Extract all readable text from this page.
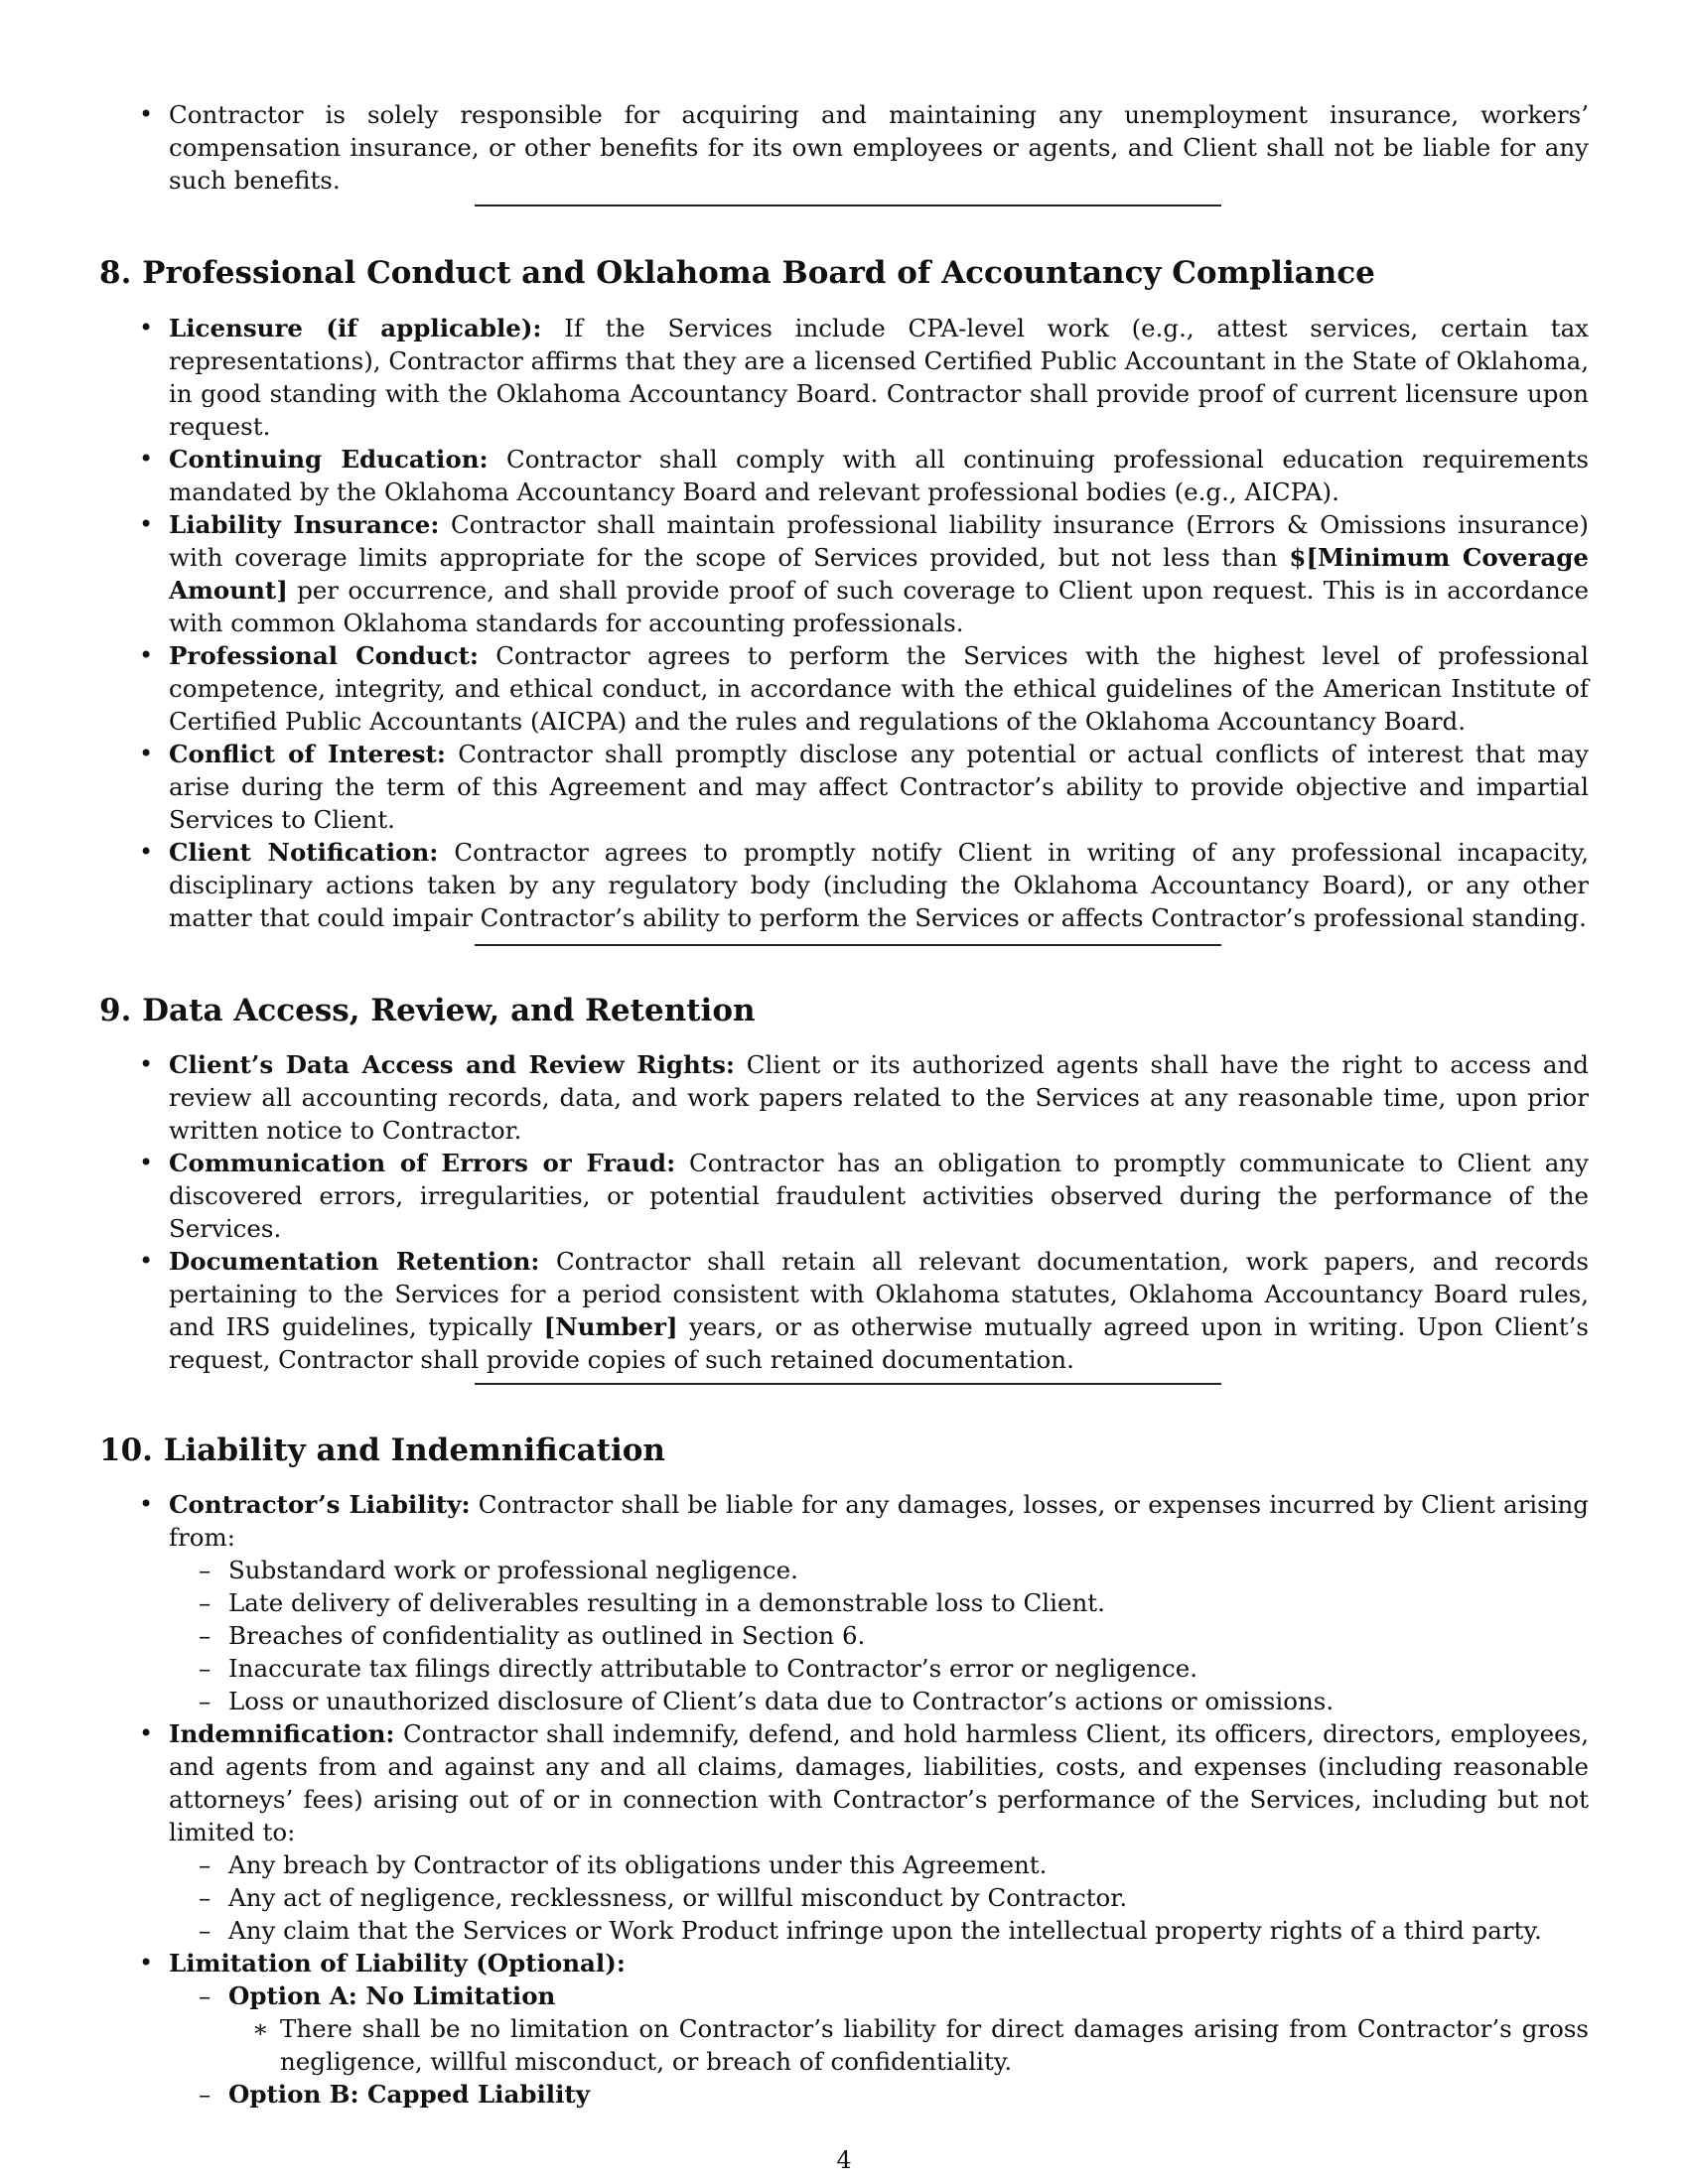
• Contractor is solely responsible for acquiring and maintaining any unemployment insurance, workers’ compensation insurance, or other benefits for its own employees or agents, and Client shall not be liable for any such benefits.
8. Professional Conduct and Oklahoma Board of Accountancy Compliance
• Licensure (if applicable): If the Services include CPA-level work (e.g., attest services, certain tax representations), Contractor affirms that they are a licensed Certified Public Accountant in the State of Oklahoma, in good standing with the Oklahoma Accountancy Board. Contractor shall provide proof of current licensure upon request.
• Continuing Education: Contractor shall comply with all continuing professional education requirements mandated by the Oklahoma Accountancy Board and relevant professional bodies (e.g., AICPA).
• Liability Insurance: Contractor shall maintain professional liability insurance (Errors & Omissions insurance) with coverage limits appropriate for the scope of Services provided, but not less than $[Minimum Coverage Amount] per occurrence, and shall provide proof of such coverage to Client upon request. This is in accordance with common Oklahoma standards for accounting professionals.
• Professional Conduct: Contractor agrees to perform the Services with the highest level of professional competence, integrity, and ethical conduct, in accordance with the ethical guidelines of the American Institute of Certified Public Accountants (AICPA) and the rules and regulations of the Oklahoma Accountancy Board.
• Conflict of Interest: Contractor shall promptly disclose any potential or actual conflicts of interest that may arise during the term of this Agreement and may affect Contractor’s ability to provide objective and impartial Services to Client.
• Client Notification: Contractor agrees to promptly notify Client in writing of any professional incapacity, disciplinary actions taken by any regulatory body (including the Oklahoma Accountancy Board), or any other matter that could impair Contractor’s ability to perform the Services or affects Contractor’s professional standing.
9. Data Access, Review, and Retention
• Client’s Data Access and Review Rights: Client or its authorized agents shall have the right to access and review all accounting records, data, and work papers related to the Services at any reasonable time, upon prior written notice to Contractor.
• Communication of Errors or Fraud: Contractor has an obligation to promptly communicate to Client any discovered errors, irregularities, or potential fraudulent activities observed during the performance of the Services.
• Documentation Retention: Contractor shall retain all relevant documentation, work papers, and records pertaining to the Services for a period consistent with Oklahoma statutes, Oklahoma Accountancy Board rules, and IRS guidelines, typically [Number] years, or as otherwise mutually agreed upon in writing. Upon Client’s request, Contractor shall provide copies of such retained documentation.
10. Liability and Indemnification
• Contractor’s Liability: Contractor shall be liable for any damages, losses, or expenses incurred by Client arising from:
– Substandard work or professional negligence.
– Late delivery of deliverables resulting in a demonstrable loss to Client.
– Breaches of confidentiality as outlined in Section 6.
– Inaccurate tax filings directly attributable to Contractor’s error or negligence.
– Loss or unauthorized disclosure of Client’s data due to Contractor’s actions or omissions.
• Indemnification: Contractor shall indemnify, defend, and hold harmless Client, its officers, directors, employees, and agents from and against any and all claims, damages, liabilities, costs, and expenses (including reasonable attorneys’ fees) arising out of or in connection with Contractor’s performance of the Services, including but not limited to:
– Any breach by Contractor of its obligations under this Agreement.
– Any act of negligence, recklessness, or willful misconduct by Contractor.
– Any claim that the Services or Work Product infringe upon the intellectual property rights of a third party.
• Limitation of Liability (Optional):
– Option A: No Limitation
∗ There shall be no limitation on Contractor’s liability for direct damages arising from Contractor’s gross negligence, willful misconduct, or breach of confidentiality.
– Option B: Capped Liability
4
